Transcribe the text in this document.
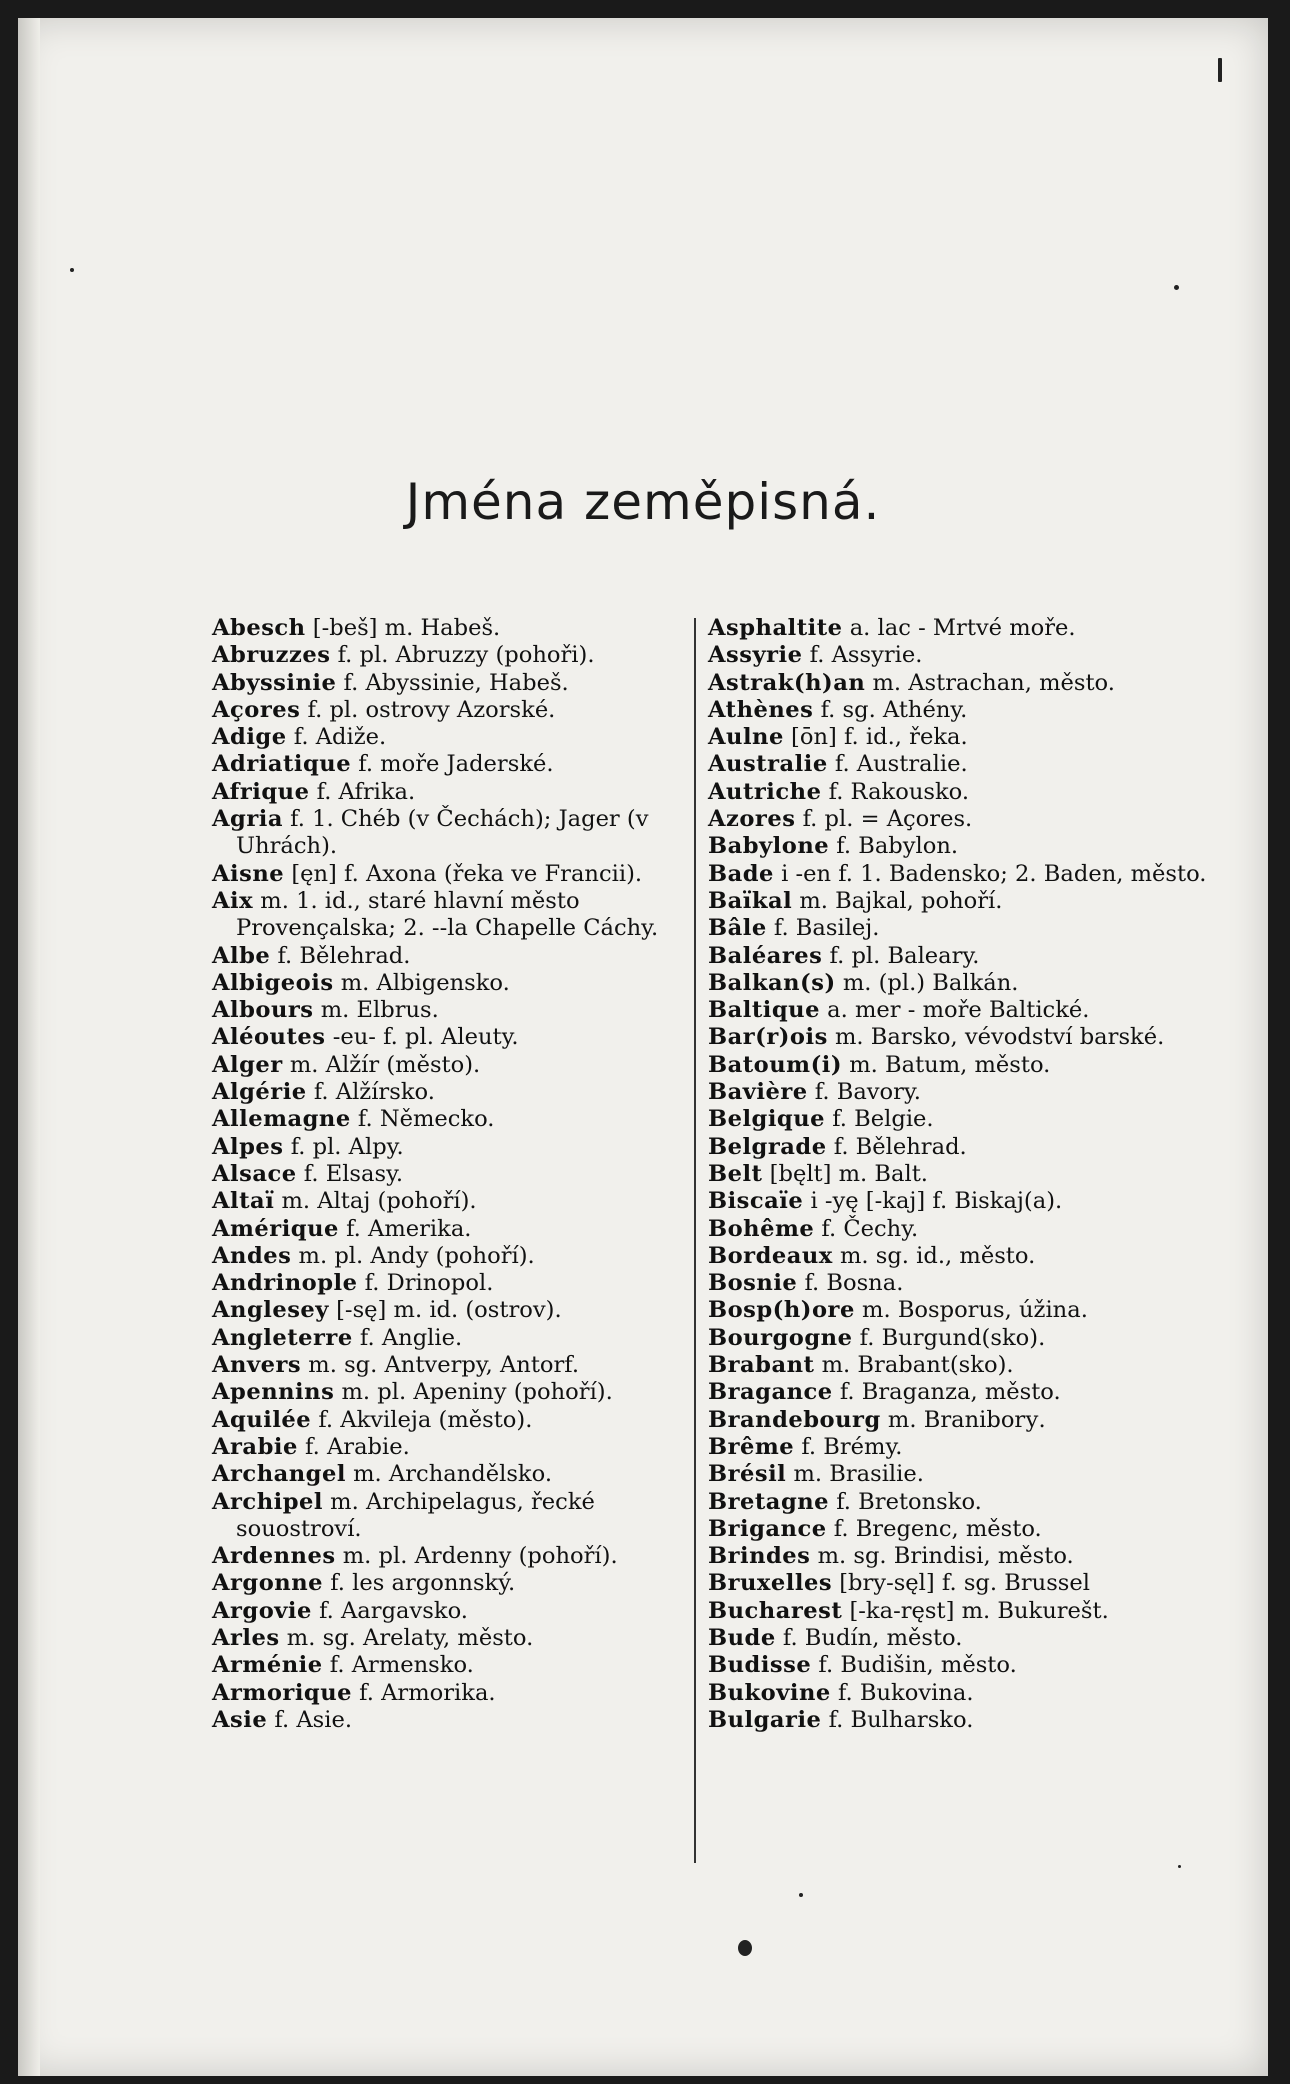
Jména zeměpisná.

Abesch [-beš] m. Habeš.

Abruzzes f. pl. Abruzzy (pohoři).

Abyssinie f. Abyssinie, Habeš.

Açores f. pl. ostrovy Azorské.

Adige f. Adiže.

Adriatique f. moře Jaderské.

Afrique f. Afrika.

Agria f. 1. Chéb (v Čechách); Jager (v Uhrách).

Aisne [ęn] f. Axona (řeka ve Francii).

Aix m. 1. id., staré hlavní město Provençalska; 2. --la Chapelle Cáchy.

Albe f. Bělehrad.

Albigeois m. Albigensko.

Albours m. Elbrus.

Aléoutes -eu- f. pl. Aleuty.

Alger m. Alžír (město).

Algérie f. Alžírsko.

Allemagne f. Německo.

Alpes f. pl. Alpy.

Alsace f. Elsasy.

Altaï m. Altaj (pohoří).

Amérique f. Amerika.

Andes m. pl. Andy (pohoří).

Andrinople f. Drinopol.

Anglesey [-sę] m. id. (ostrov).

Angleterre f. Anglie.

Anvers m. sg. Antverpy, Antorf.

Apennins m. pl. Apeniny (pohoří).

Aquilée f. Akvileja (město).

Arabie f. Arabie.

Archangel m. Archandělsko.

Archipel m. Archipelagus, řecké souostroví.

Ardennes m. pl. Ardenny (pohoří).

Argonne f. les argonnský.

Argovie f. Aargavsko.

Arles m. sg. Arelaty, město.

Arménie f. Armensko.

Armorique f. Armorika.

Asie f. Asie.

Asphaltite a. lac - Mrtvé moře.

Assyrie f. Assyrie.

Astrak(h)an m. Astrachan, město.

Athènes f. sg. Athény.

Aulne [ōn] f. id., řeka.

Australie f. Australie.

Autriche f. Rakousko.

Azores f. pl. = Açores.

Babylone f. Babylon.

Bade i -en f. 1. Badensko; 2. Baden, město.

Baïkal m. Bajkal, pohoří.

Bâle f. Basilej.

Baléares f. pl. Baleary.

Balkan(s) m. (pl.) Balkán.

Baltique a. mer - moře Baltické.

Bar(r)ois m. Barsko, vévodství barské.

Batoum(i) m. Batum, město.

Bavière f. Bavory.

Belgique f. Belgie.

Belgrade f. Bělehrad.

Belt [bęlt] m. Balt.

Biscaïe i -yę [-kaj] f. Biskaj(a).

Bohême f. Čechy.

Bordeaux m. sg. id., město.

Bosnie f. Bosna.

Bosp(h)ore m. Bosporus, úžina.

Bourgogne f. Burgund(sko).

Brabant m. Brabant(sko).

Bragance f. Braganza, město.

Brandebourg m. Braniborу.

Brême f. Brémy.

Brésil m. Brasilie.

Bretagne f. Bretonsko.

Brigance f. Bregenc, město.

Brindes m. sg. Brindisi, město.

Bruxelles [bry-sęl] f. sg. Brussel

Bucharest [-ka-ręst] m. Bukurešt.

Bude f. Budín, město.

Budisse f. Budišin, město.

Bukovine f. Bukovina.

Bulgarie f. Bulharsko.
